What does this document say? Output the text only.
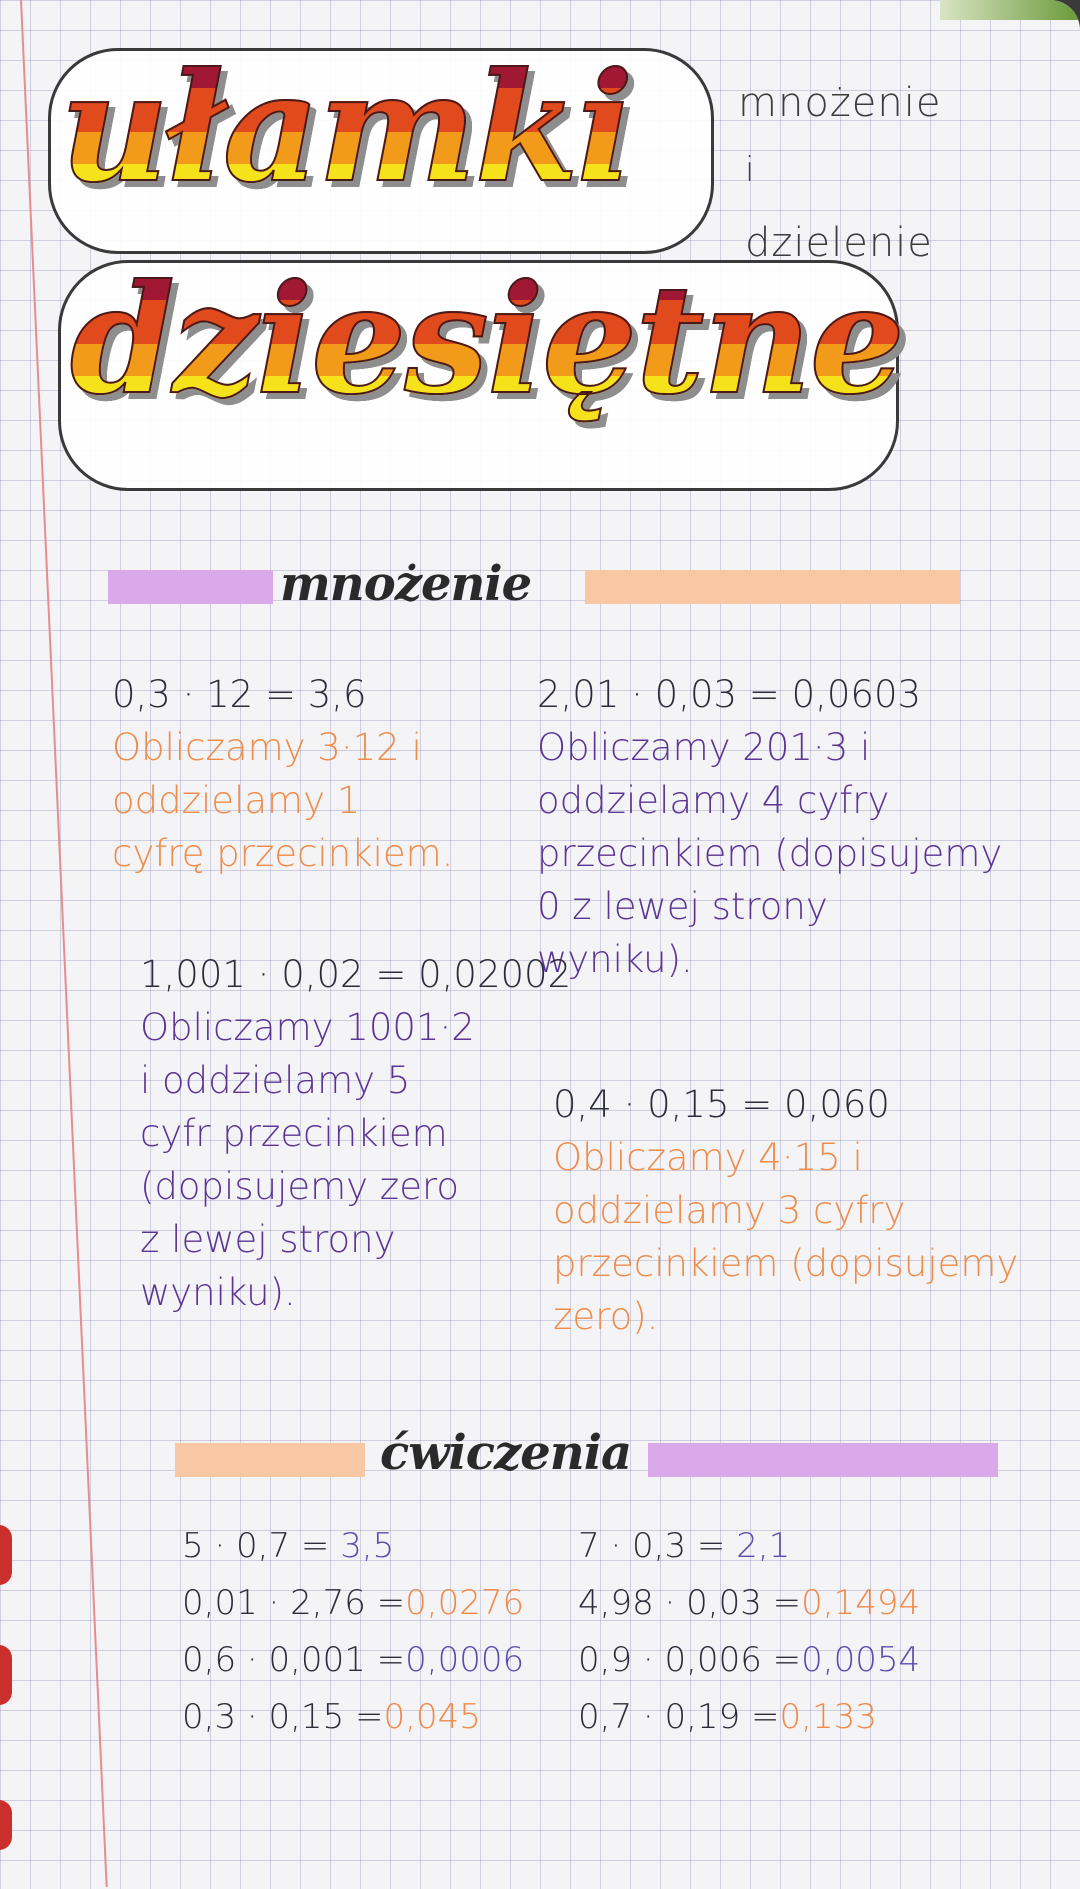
ułamki
dziesiętne
mnożenie
i
dzielenie
mnożenie
0,3 · 12 = 3,6
Obliczamy 3·12 i
oddzielamy 1
cyfrę przecinkiem.
2,01 · 0,03 = 0,0603
Obliczamy 201·3 i
oddzielamy 4 cyfry
przecinkiem (dopisujemy
0 z lewej strony
wyniku).
1,001 · 0,02 = 0,02002
Obliczamy 1001·2
i oddzielamy 5
cyfr przecinkiem
(dopisujemy zero
z lewej strony
wyniku).
0,4 · 0,15 = 0,060
Obliczamy 4·15 i
oddzielamy 3 cyfry
przecinkiem (dopisujemy
zero).
ćwiczenia
5 · 0,7 = 3,5
0,01 · 2,76 =0,0276
0,6 · 0,001 =0,0006
0,3 · 0,15 =0,045
7 · 0,3 = 2,1
4,98 · 0,03 =0,1494
0,9 · 0,006 =0,0054
0,7 · 0,19 =0,133
